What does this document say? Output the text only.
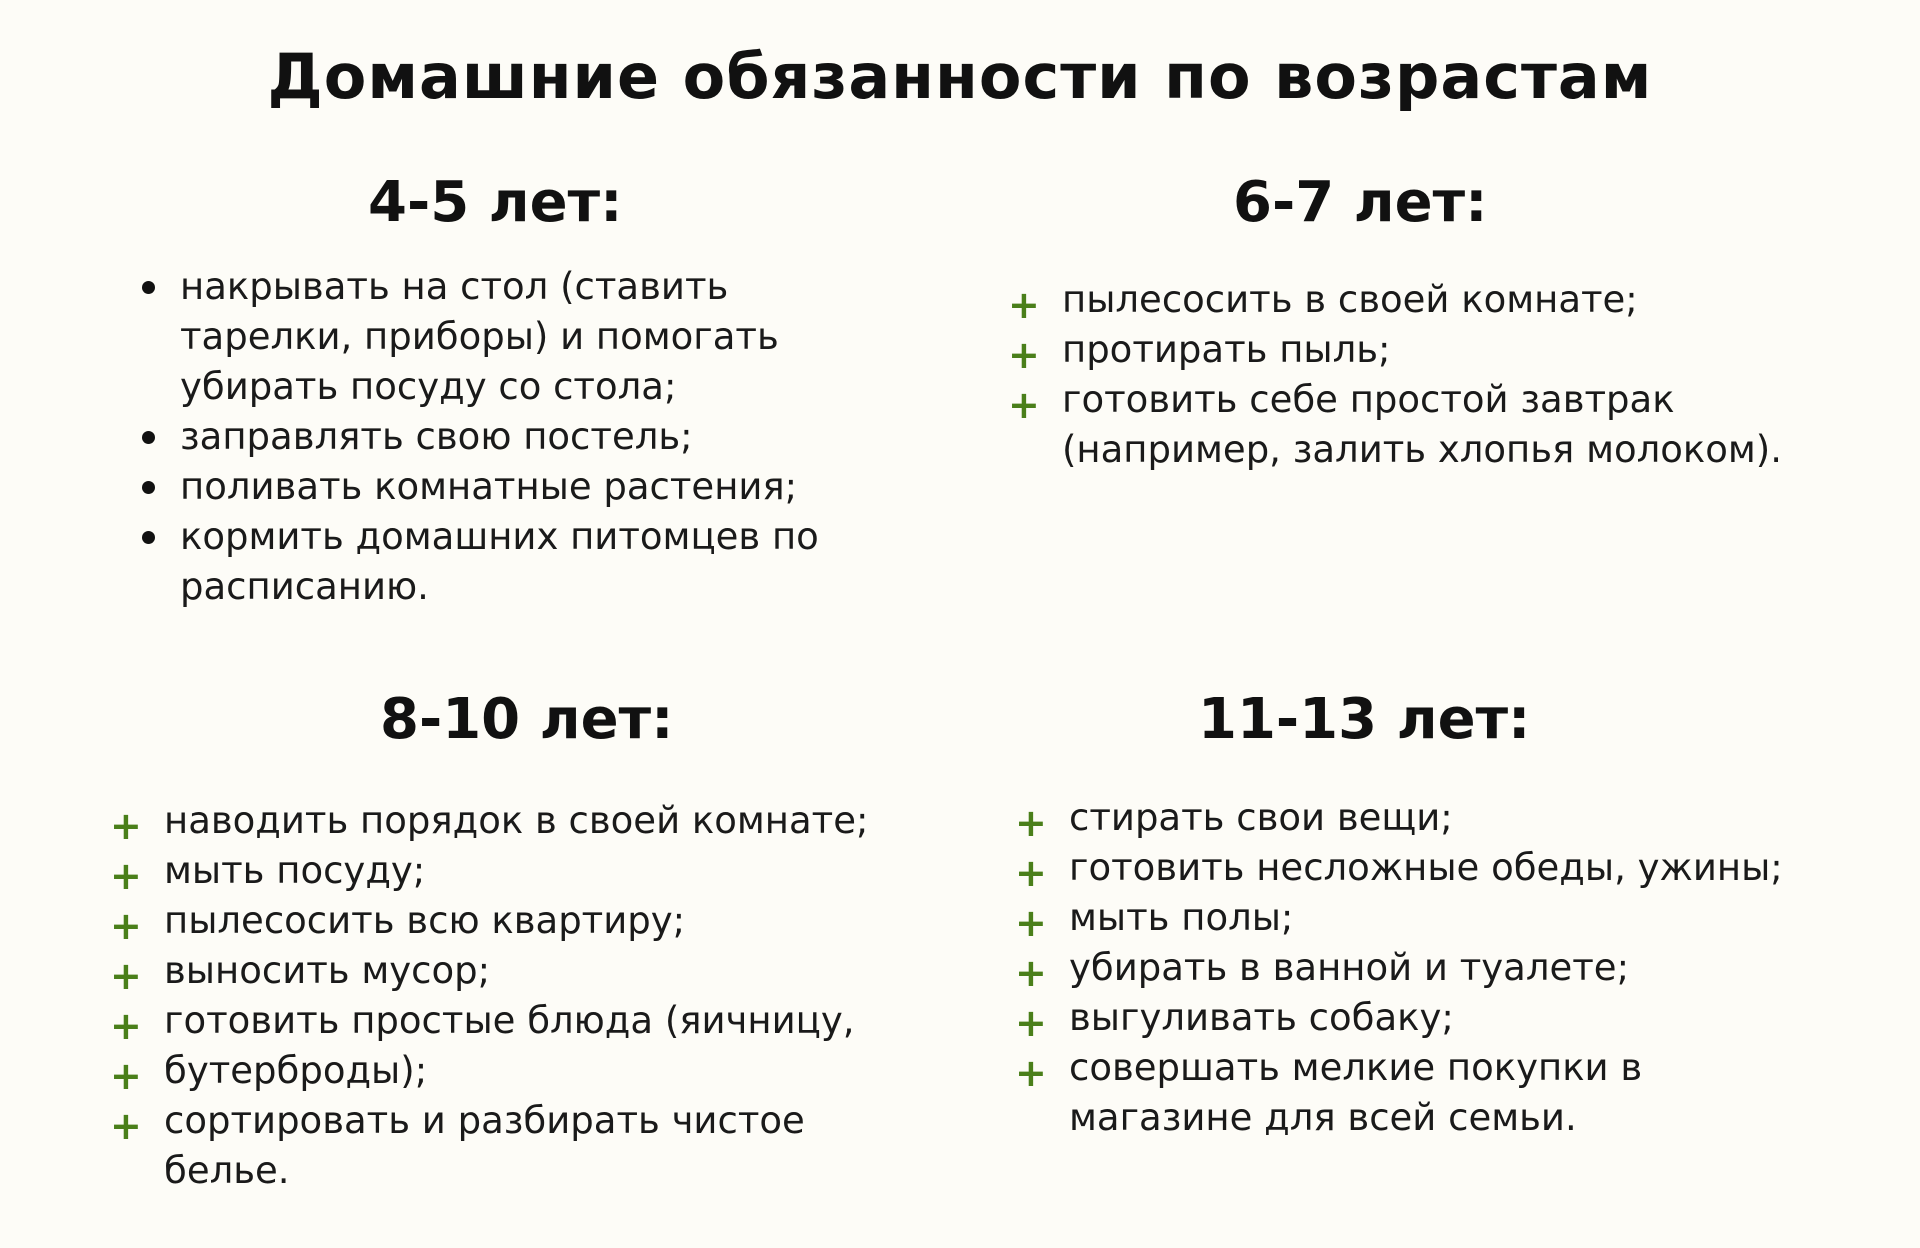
Домашние обязанности по возрастам
4-5 лет:
накрывать на стол (ставить
тарелки, приборы) и помогать
убирать посуду со стола;
заправлять свою постель;
поливать комнатные растения;
кормить домашних питомцев по
расписанию.
6-7 лет:
+ пылесосить в своей комнате;
+ протирать пыль;
+ готовить себе простой завтрак
(например, залить хлопья молоком).
8-10 лет:
+ наводить порядок в своей комнате;
+ мыть посуду;
+ пылесосить всю квартиру;
+ выносить мусор;
+ готовить простые блюда (яичницу,
+ бутерброды);
+ сортировать и разбирать чистое
белье.
11-13 лет:
+ стирать свои вещи;
+ готовить несложные обеды, ужины;
+ мыть полы;
+ убирать в ванной и туалете;
+ выгуливать собаку;
+ совершать мелкие покупки в
магазине для всей семьи.
